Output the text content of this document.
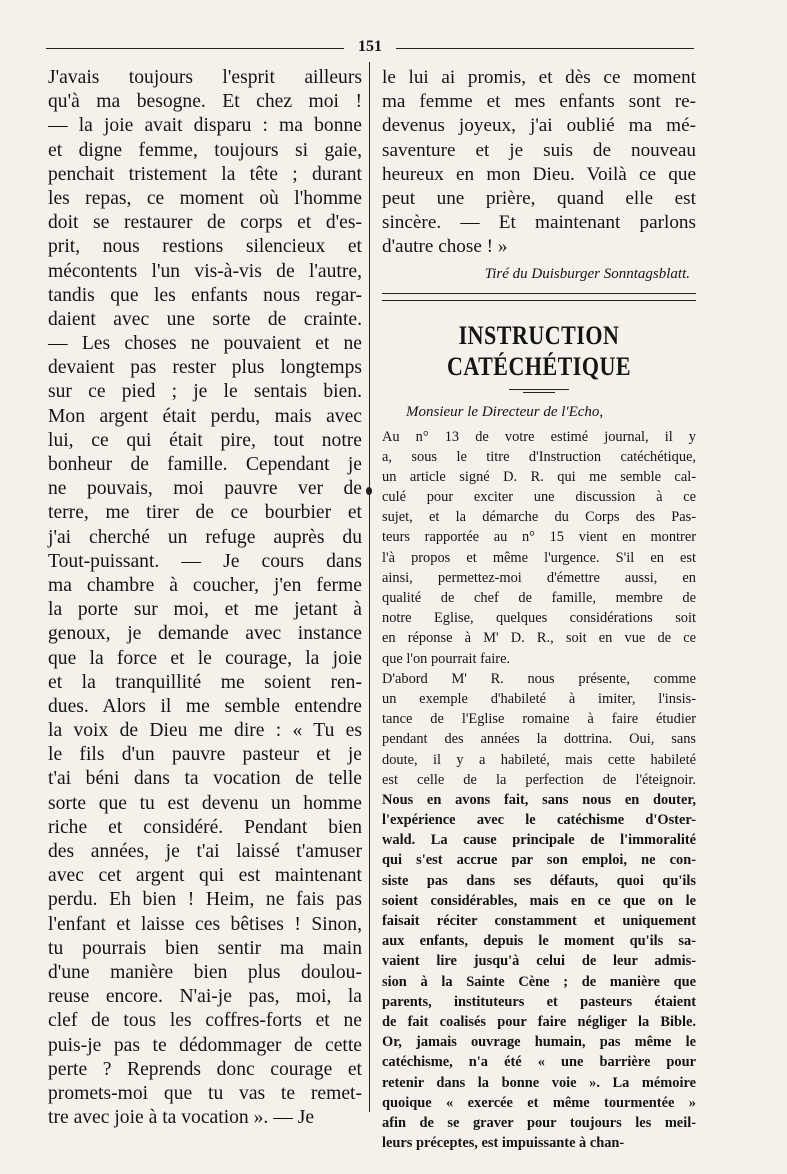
151
J'avais toujours l'esprit ailleurs
qu'à ma besogne. Et chez moi !
— la joie avait disparu : ma bonne
et digne femme, toujours si gaie,
penchait tristement la tête ; durant
les repas, ce moment où l'homme
doit se restaurer de corps et d'es-
prit, nous restions silencieux et
mécontents l'un vis-à-vis de l'autre,
tandis que les enfants nous regar-
daient avec une sorte de crainte.
— Les choses ne pouvaient et ne
devaient pas rester plus longtemps
sur ce pied ; je le sentais bien.
Mon argent était perdu, mais avec
lui, ce qui était pire, tout notre
bonheur de famille. Cependant je
ne pouvais, moi pauvre ver de
terre, me tirer de ce bourbier et
j'ai cherché un refuge auprès du
Tout-puissant. — Je cours dans
ma chambre à coucher, j'en ferme
la porte sur moi, et me jetant à
genoux, je demande avec instance
que la force et le courage, la joie
et la tranquillité me soient ren-
dues. Alors il me semble entendre
la voix de Dieu me dire : « Tu es
le fils d'un pauvre pasteur et je
t'ai béni dans ta vocation de telle
sorte que tu est devenu un homme
riche et considéré. Pendant bien
des années, je t'ai laissé t'amuser
avec cet argent qui est maintenant
perdu. Eh bien ! Heim, ne fais pas
l'enfant et laisse ces bêtises ! Sinon,
tu pourrais bien sentir ma main
d'une manière bien plus doulou-
reuse encore. N'ai-je pas, moi, la
clef de tous les coffres-forts et ne
puis-je pas te dédommager de cette
perte ? Reprends donc courage et
promets-moi que tu vas te remet-
tre avec joie à ta vocation ». — Je
le lui ai promis, et dès ce moment
ma femme et mes enfants sont re-
devenus joyeux, j'ai oublié ma mé-
saventure et je suis de nouveau
heureux en mon Dieu. Voilà ce que
peut une prière, quand elle est
sincère. — Et maintenant parlons
d'autre chose ! »
Tiré du Duisburger Sonntagsblatt.
INSTRUCTION CATÉCHÉTIQUE
Monsieur le Directeur de l'Echo,
Au n° 13 de votre estimé journal, il y
a, sous le titre d'Instruction catéchétique,
un article signé D. R. qui me semble cal-
culé pour exciter une discussion à ce
sujet, et la démarche du Corps des Pas-
teurs rapportée au n° 15 vient en montrer
l'à propos et même l'urgence. S'il en est
ainsi, permettez-moi d'émettre aussi, en
qualité de chef de famille, membre de
notre Eglise, quelques considérations soit
en réponse à M' D. R., soit en vue de ce
que l'on pourrait faire.
D'abord M' R. nous présente, comme
un exemple d'habileté à imiter, l'insis-
tance de l'Eglise romaine à faire étudier
pendant des années la dottrina. Oui, sans
doute, il y a habileté, mais cette habileté
est celle de la perfection de l'éteignoir.
Nous en avons fait, sans nous en douter,
l'expérience avec le catéchisme d'Oster-
wald. La cause principale de l'immoralité
qui s'est accrue par son emploi, ne con-
siste pas dans ses défauts, quoi qu'ils
soient considérables, mais en ce que on le
faisait réciter constamment et uniquement
aux enfants, depuis le moment qu'ils sa-
vaient lire jusqu'à celui de leur admis-
sion à la Sainte Cène ; de manière que
parents, instituteurs et pasteurs étaient
de fait coalisés pour faire négliger la Bible.
Or, jamais ouvrage humain, pas même le
catéchisme, n'a été « une barrière pour
retenir dans la bonne voie ». La mémoire
quoique « exercée et même tourmentée »
afin de se graver pour toujours les meil-
leurs préceptes, est impuissante à chan-
